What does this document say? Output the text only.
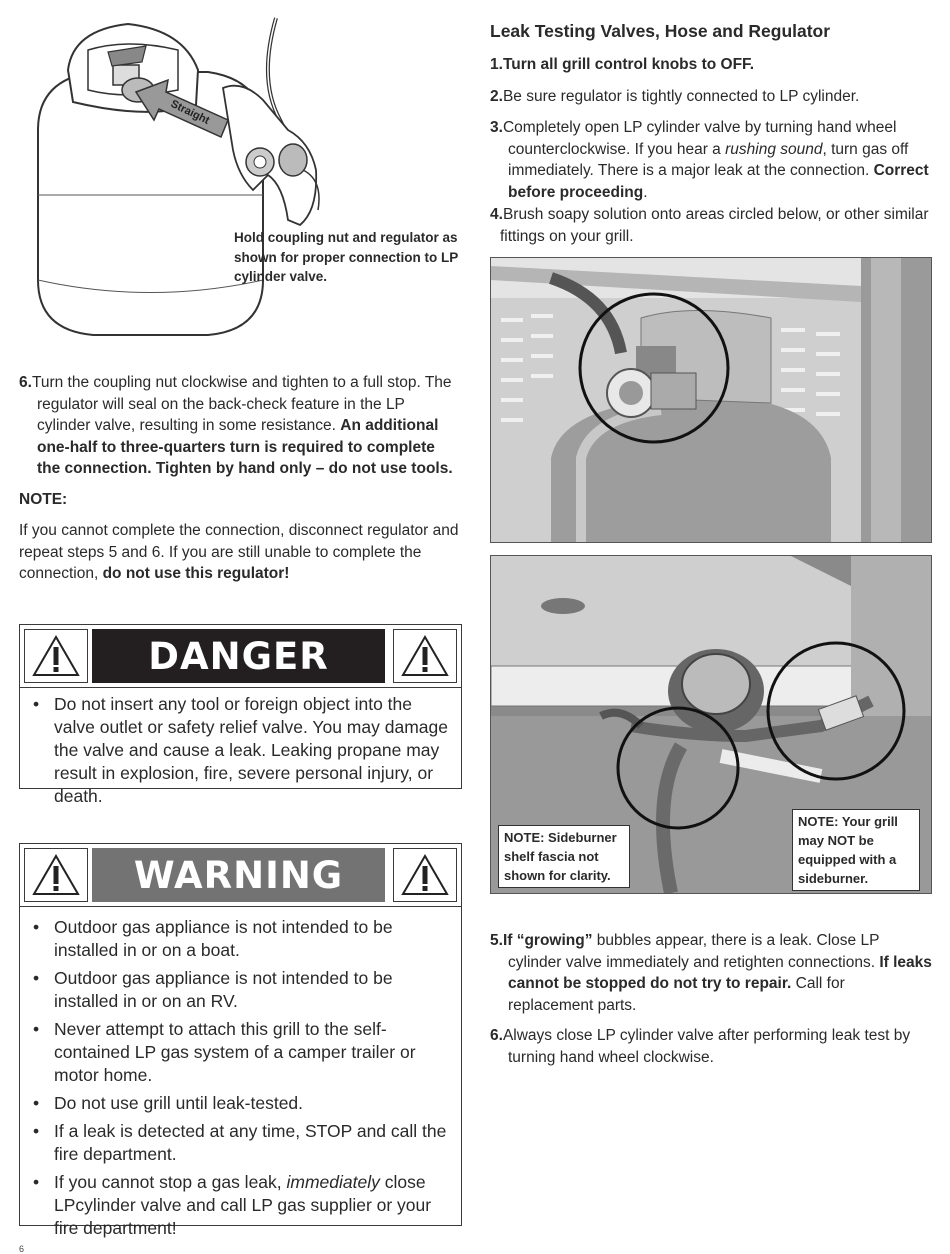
Straight

Hold coupling nut and regulator as shown for proper connection to LP cylinder valve.

6.Turn the coupling nut clockwise and tighten to a full stop. The regulator will seal on the back-check feature in the LP cylinder valve, resulting in some resistance. An additional one-half to three-quarters turn is required to complete the connection. Tighten by hand only – do not use tools.

NOTE:

If you cannot complete the connection, disconnect regulator and repeat steps 5 and 6. If you are still unable to complete the connection, do not use this regulator!

DANGER
• Do not insert any tool or foreign object into the valve outlet or safety relief valve. You may damage the valve and cause a leak. Leaking propane may result in explosion, fire, severe personal injury, or death.
WARNING
• Outdoor gas appliance is not intended to be installed in or on a boat.
• Outdoor gas appliance is not intended to be installed in or on an RV.
• Never attempt to attach this grill to the self-contained LP gas system of a camper trailer or motor home.
• Do not use grill until leak-tested.
• If a leak is detected at any time, STOP and call the fire department.
• If you cannot stop a gas leak, immediately close LPcylinder valve and call LP gas supplier or your fire department!

Leak Testing Valves, Hose and Regulator

1.Turn all grill control knobs to OFF.
2.Be sure regulator is tightly connected to LP cylinder.
3.Completely open LP cylinder valve by turning hand wheel counterclockwise. If you hear a rushing sound, turn gas off immediately. There is a major leak at the connection. Correct before proceeding.
4.Brush soapy solution onto areas circled below, or other similar fittings on your grill.
NOTE: Sideburner shelf fascia not shown for clarity.
NOTE: Your grill may NOT be equipped with a sideburner.
5.If “growing” bubbles appear, there is a leak. Close LP cylinder valve immediately and retighten connections. If leaks cannot be stopped do not try to repair. Call for replacement parts.
6.Always close LP cylinder valve after performing leak test by turning hand wheel clockwise.

6
